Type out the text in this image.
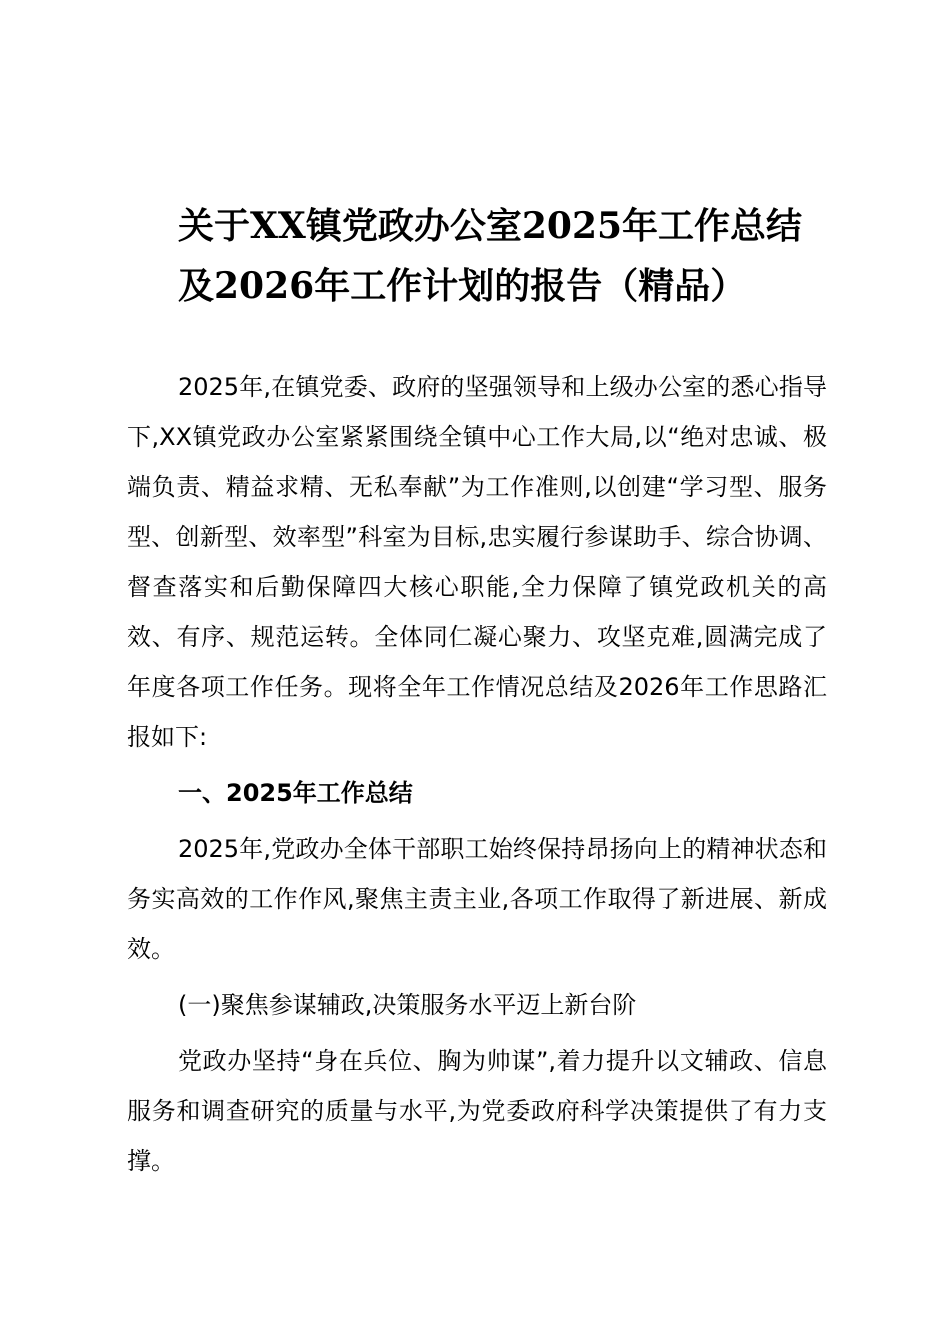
关于XX镇党政办公室2025年工作总结
及2026年工作计划的报告（精品）

2025年,在镇党委、政府的坚强领导和上级办公室的悉心指导下,XX镇党政办公室紧紧围绕全镇中心工作大局,以“绝对忠诚、极端负责、精益求精、无私奉献”为工作准则,以创建“学习型、服务型、创新型、效率型”科室为目标,忠实履行参谋助手、综合协调、督查落实和后勤保障四大核心职能,全力保障了镇党政机关的高效、有序、规范运转。全体同仁凝心聚力、攻坚克难,圆满完成了年度各项工作任务。现将全年工作情况总结及2026年工作思路汇报如下:

一、2025年工作总结

2025年,党政办全体干部职工始终保持昂扬向上的精神状态和务实高效的工作作风,聚焦主责主业,各项工作取得了新进展、新成效。

(一)聚焦参谋辅政,决策服务水平迈上新台阶

党政办坚持“身在兵位、胸为帅谋”,着力提升以文辅政、信息服务和调查研究的质量与水平,为党委政府科学决策提供了有力支撑。
